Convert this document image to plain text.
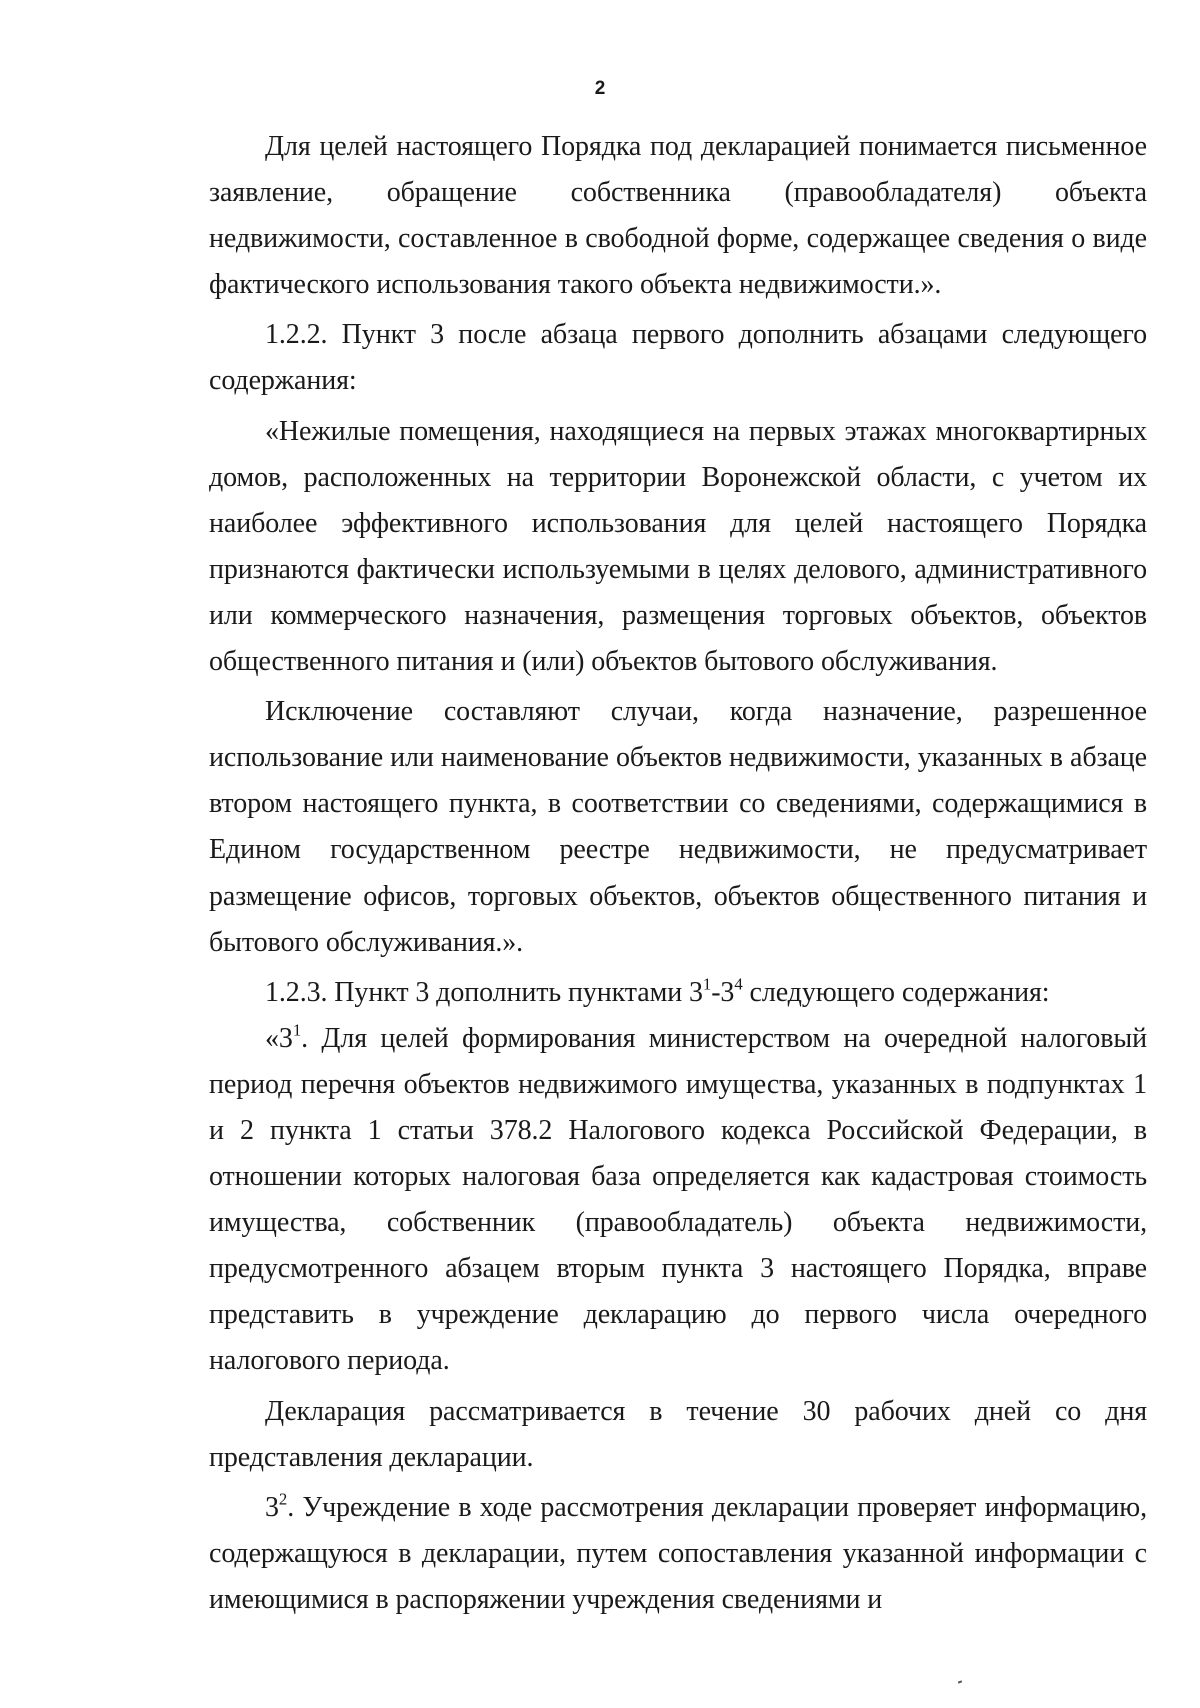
2

Для целей настоящего Порядка под декларацией понимается письменное заявление, обращение собственника (правообладателя) объекта недвижимости, составленное в свободной форме, содержащее сведения о виде фактического использования такого объекта недвижимости.».

1.2.2. Пункт 3 после абзаца первого дополнить абзацами следующего содержания:

«Нежилые помещения, находящиеся на первых этажах многоквартирных домов, расположенных на территории Воронежской области, с учетом их наиболее эффективного использования для целей настоящего Порядка признаются фактически используемыми в целях делового, административного или коммерческого назначения, размещения торговых объектов, объектов общественного питания и (или) объектов бытового обслуживания.

Исключение составляют случаи, когда назначение, разрешенное использование или наименование объектов недвижимости, указанных в абзаце втором настоящего пункта, в соответствии со сведениями, содержащимися в Едином государственном реестре недвижимости, не предусматривает размещение офисов, торговых объектов, объектов общественного питания и бытового обслуживания.».

1.2.3. Пункт 3 дополнить пунктами $3^1-3^4$ следующего содержания:

«$3^1$. Для целей формирования министерством на очередной налоговый период перечня объектов недвижимого имущества, указанных в подпунктах 1 и 2 пункта 1 статьи 378.2 Налогового кодекса Российской Федерации, в отношении которых налоговая база определяется как кадастровая стоимость имущества, собственник (правообладатель) объекта недвижимости, предусмотренного абзацем вторым пункта 3 настоящего Порядка, вправе представить в учреждение декларацию до первого числа очередного налогового периода.

Декларация рассматривается в течение 30 рабочих дней со дня представления декларации.

$3^2$. Учреждение в ходе рассмотрения декларации проверяет информацию, содержащуюся в декларации, путем сопоставления указанной информации с имеющимися в распоряжении учреждения сведениями и
